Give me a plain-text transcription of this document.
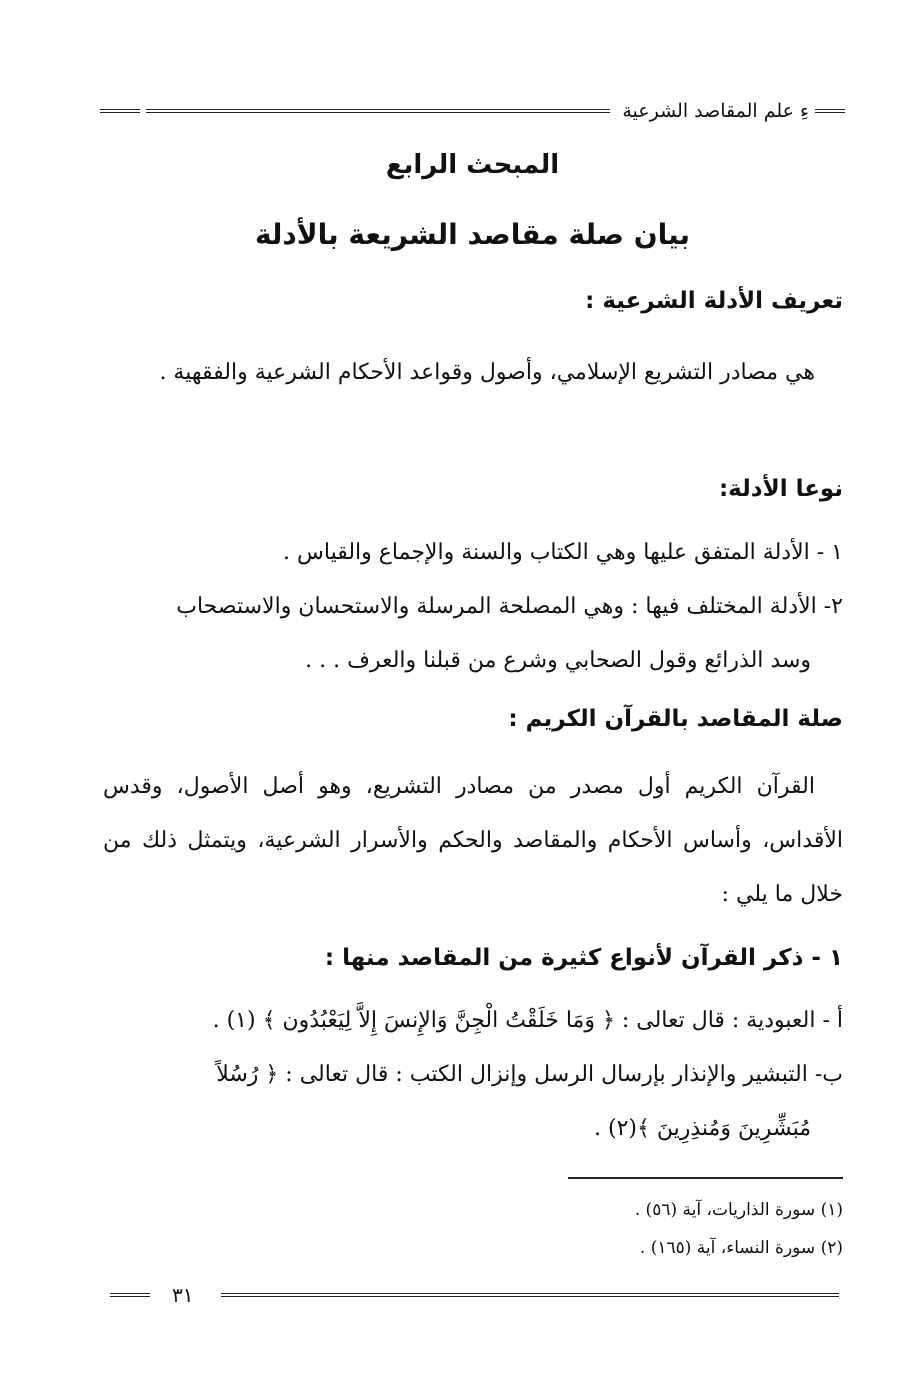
ءِ علم المقاصد الشرعية
المبحث الرابع
بيان صلة مقاصد الشريعة بالأدلة
تعريف الأدلة الشرعية :
هي مصادر التشريع الإسلامي، وأصول وقواعد الأحكام الشرعية والفقهية .
نوعا الأدلة:
١ - الأدلة المتفق عليها وهي الكتاب والسنة والإجماع والقياس .
٢- الأدلة المختلف فيها : وهي المصلحة المرسلة والاستحسان والاستصحاب
وسد الذرائع وقول الصحابي وشرع من قبلنا والعرف . . .
صلة المقاصد بالقرآن الكريم :
القرآن الكريم أول مصدر من مصادر التشريع، وهو أصل الأصول، وقدس الأقداس، وأساس الأحكام والمقاصد والحكم والأسرار الشرعية، ويتمثل ذلك من خلال ما يلي :
١ - ذكر القرآن لأنواع كثيرة من المقاصد منها :
أ - العبودية : قال تعالى : ﴿ وَمَا خَلَقْتُ الْجِنَّ وَالإِنسَ إِلاَّ لِيَعْبُدُون ﴾ (١) .
ب- التبشير والإنذار بإرسال الرسل وإنزال الكتب : قال تعالى : ﴿ رُسُلاً
مُبَشِّرِينَ وَمُنذِرِينَ ﴾(٢) .
(١) سورة الذاريات، آية (٥٦) .
(٢) سورة النساء، آية (١٦٥) .
٣١
